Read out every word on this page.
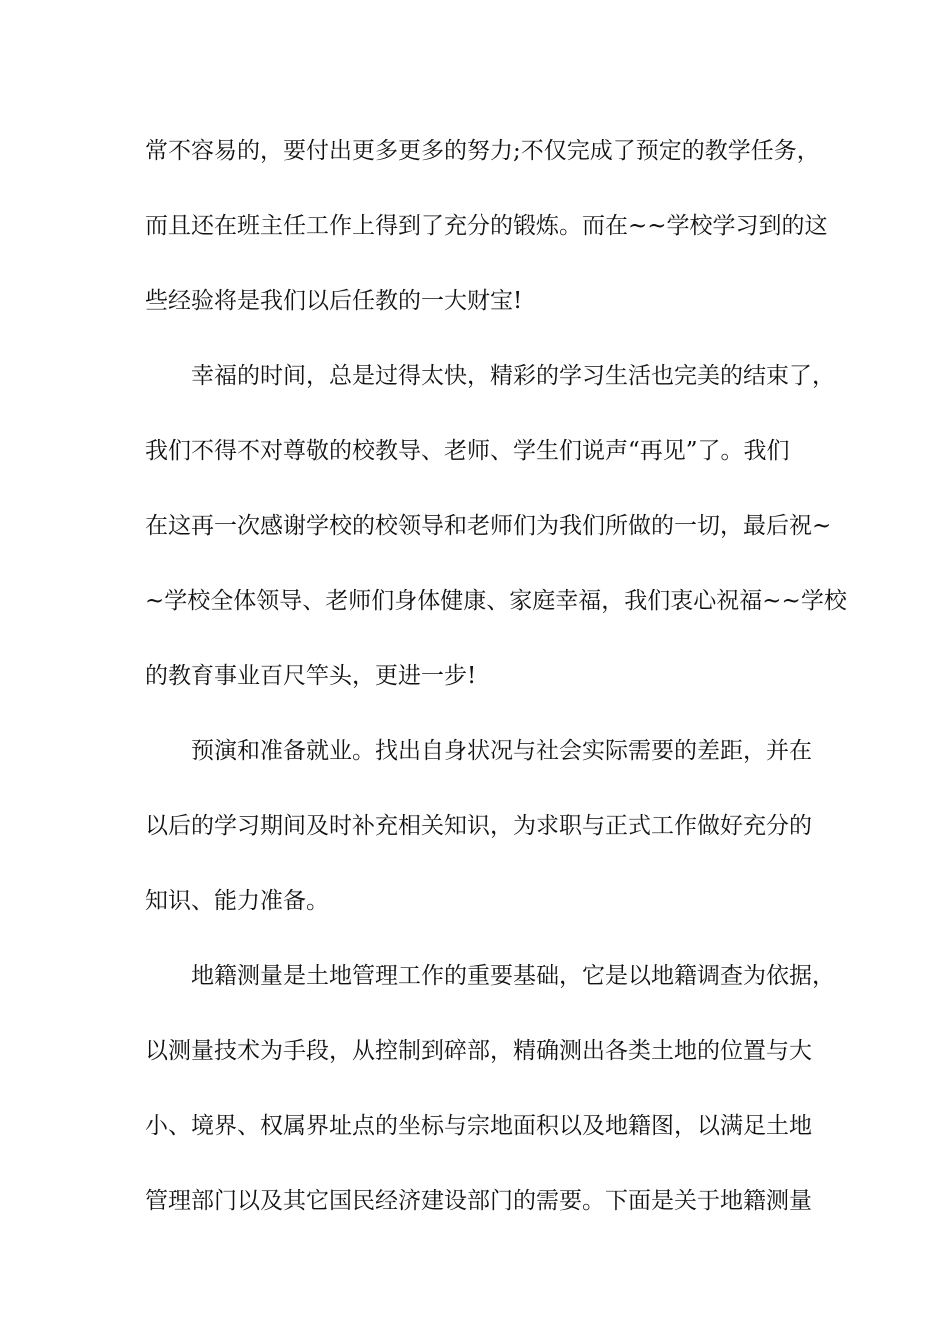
常不容易的，要付出更多更多的努力;不仅完成了预定的教学任务，
而且还在班主任工作上得到了充分的锻炼。而在~~学校学习到的这
些经验将是我们以后任教的一大财宝!
幸福的时间，总是过得太快，精彩的学习生活也完美的结束了，
我们不得不对尊敬的校教导、老师、学生们说声“再见”了。我们
在这再一次感谢学校的校领导和老师们为我们所做的一切，最后祝~
~学校全体领导、老师们身体健康、家庭幸福，我们衷心祝福~~学校
的教育事业百尺竿头，更进一步!
预演和准备就业。找出自身状况与社会实际需要的差距，并在
以后的学习期间及时补充相关知识，为求职与正式工作做好充分的
知识、能力准备。
地籍测量是土地管理工作的重要基础，它是以地籍调查为依据，
以测量技术为手段，从控制到碎部，精确测出各类土地的位置与大
小、境界、权属界址点的坐标与宗地面积以及地籍图，以满足土地
管理部门以及其它国民经济建设部门的需要。下面是关于地籍测量
